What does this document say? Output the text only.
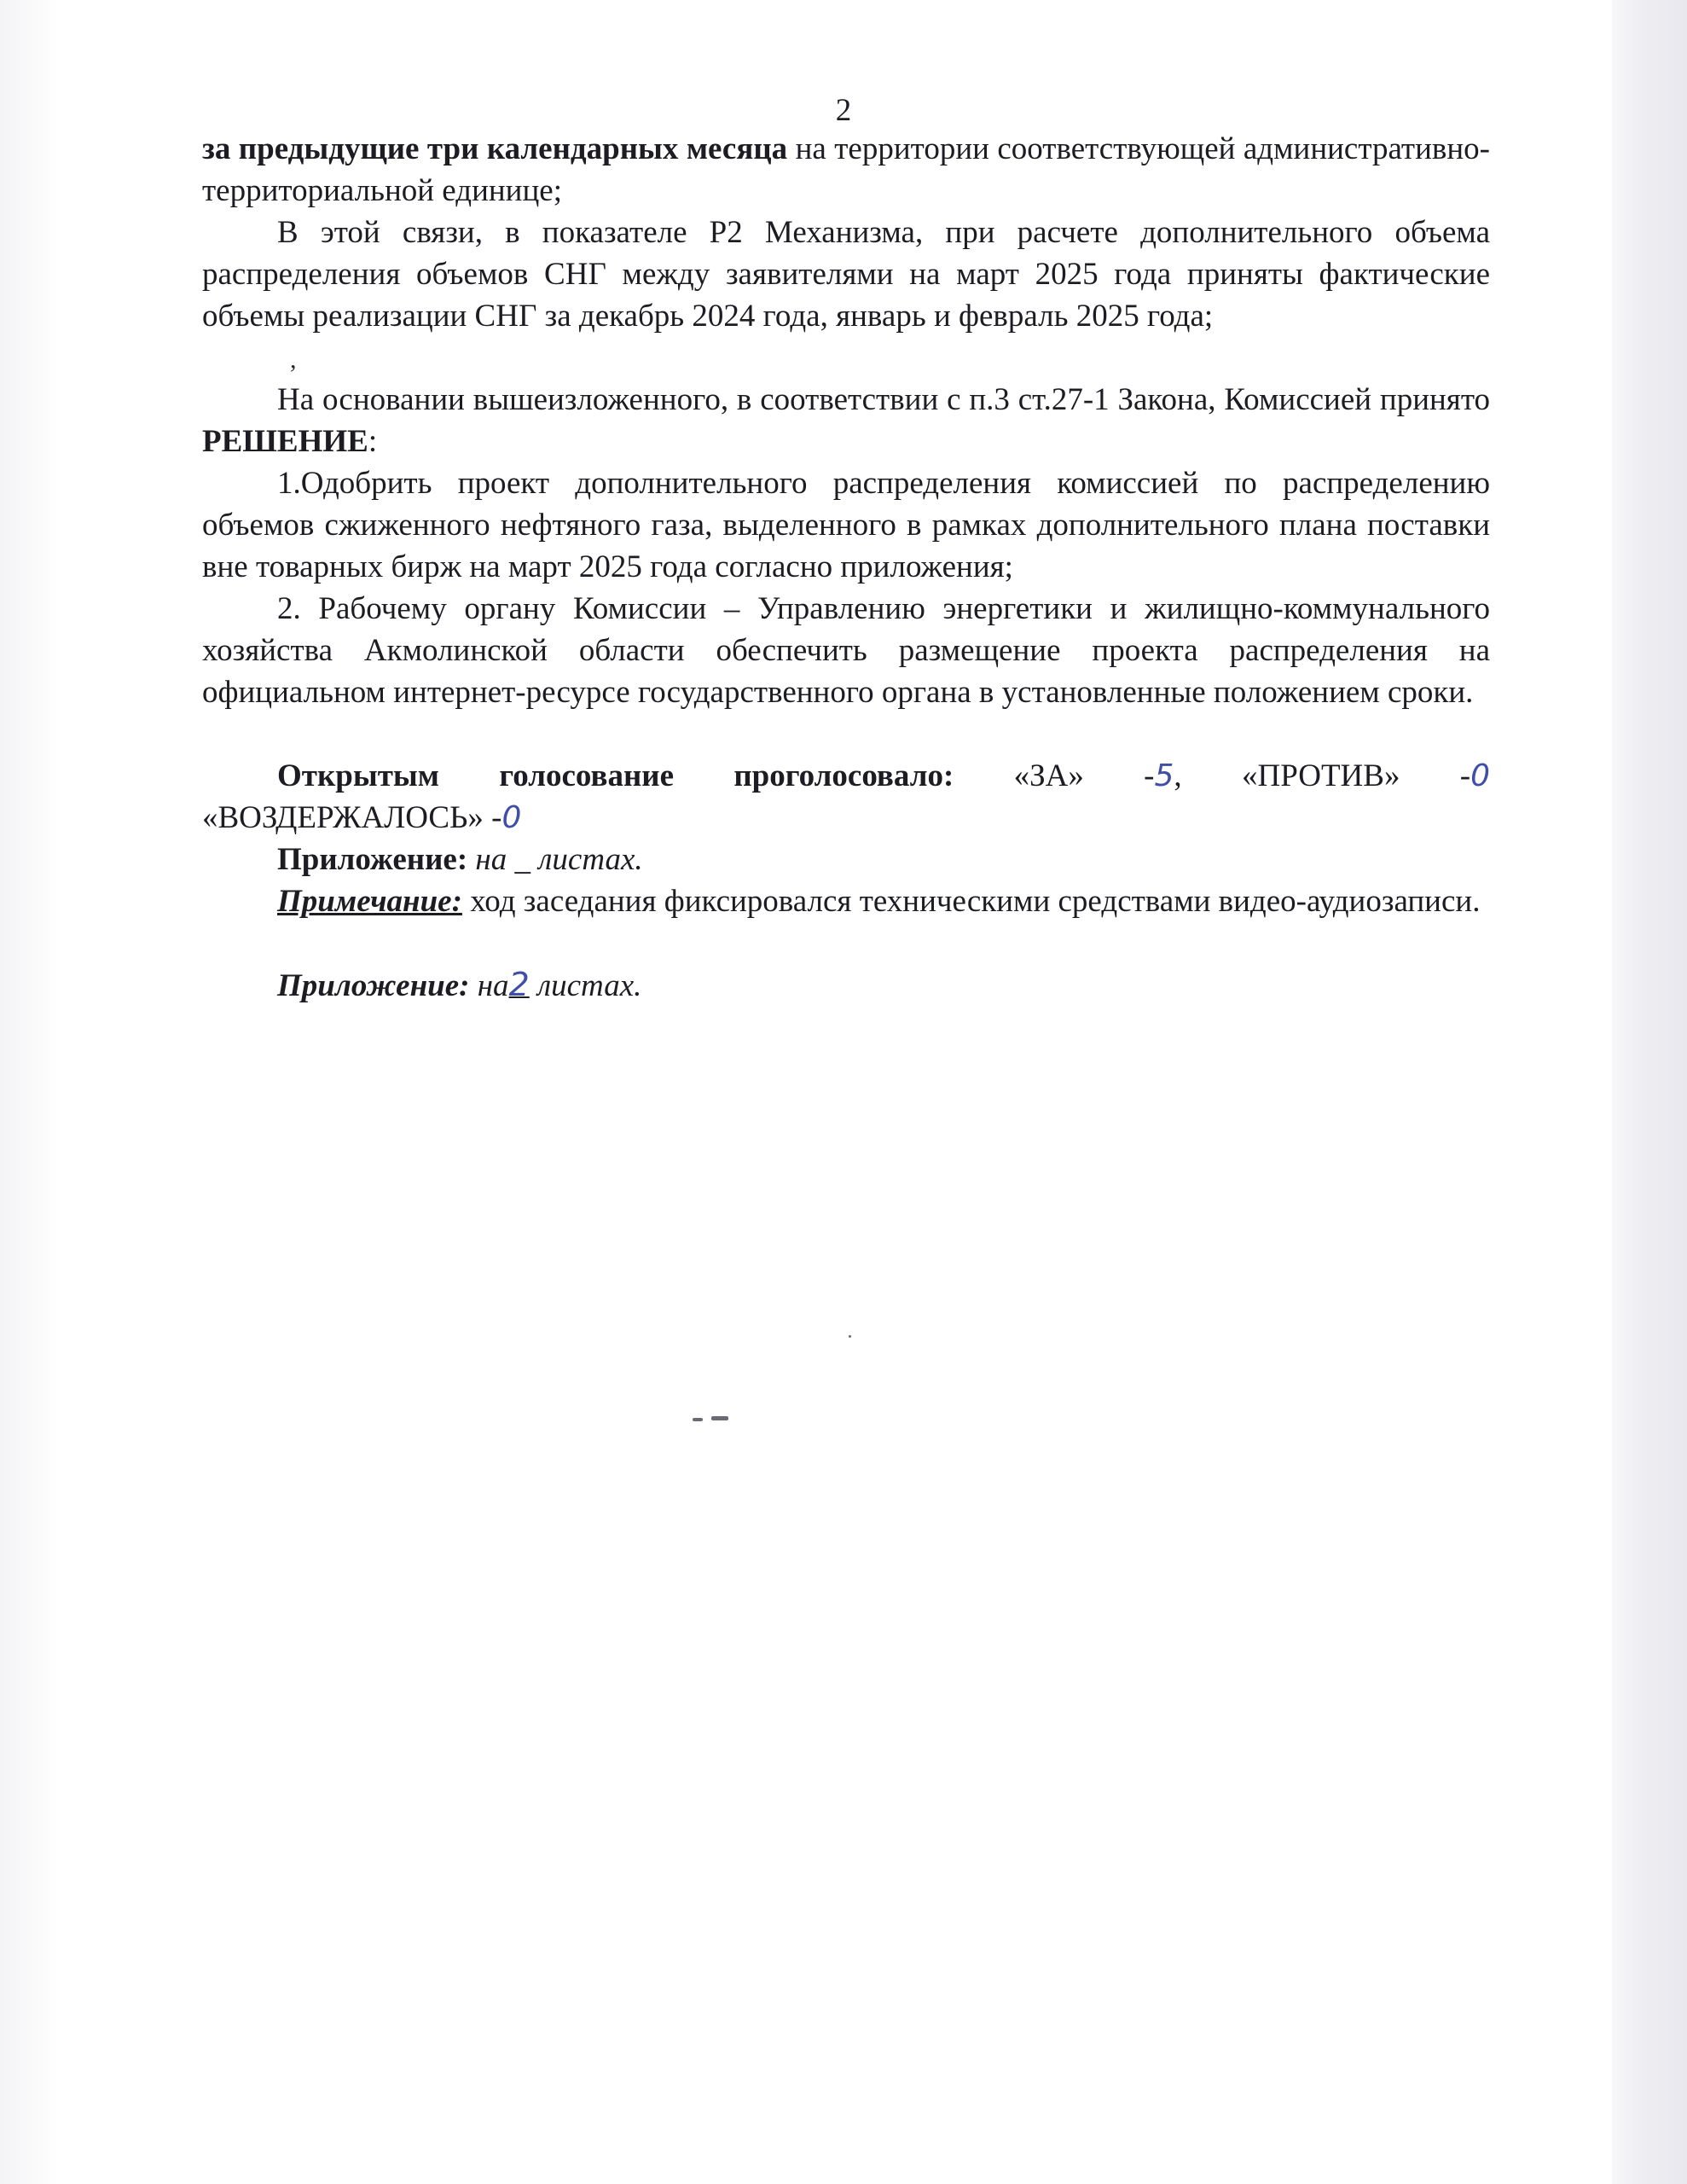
2

за предыдущие три календарных месяца на территории соответствующей административно-территориальной единице;

В этой связи, в показателе Р2 Механизма, при расчете дополнительного объема распределения объемов СНГ между заявителями на март 2025 года приняты фактические объемы реализации СНГ за декабрь 2024 года, январь и февраль 2025 года;

,

На основании вышеизложенного, в соответствии с п.3 ст.27-1 Закона, Комиссией принято РЕШЕНИЕ:

1.Одобрить проект дополнительного распределения комиссией по распределению объемов сжиженного нефтяного газа, выделенного в рамках дополнительного плана поставки вне товарных бирж на март 2025 года согласно приложения;

2. Рабочему органу Комиссии – Управлению энергетики и жилищно-коммунального хозяйства Акмолинской области обеспечить размещение проекта распределения на официальном интернет-ресурсе государственного органа в установленные положением сроки.

Открытым голосование проголосовало: «ЗА» -5, «ПРОТИВ» -0

«ВОЗДЕРЖАЛОСЬ» -0

Приложение: на _ листах.

Примечание: ход заседания фиксировался техническими средствами видео-аудиозаписи.

Приложение: на2 листах.
